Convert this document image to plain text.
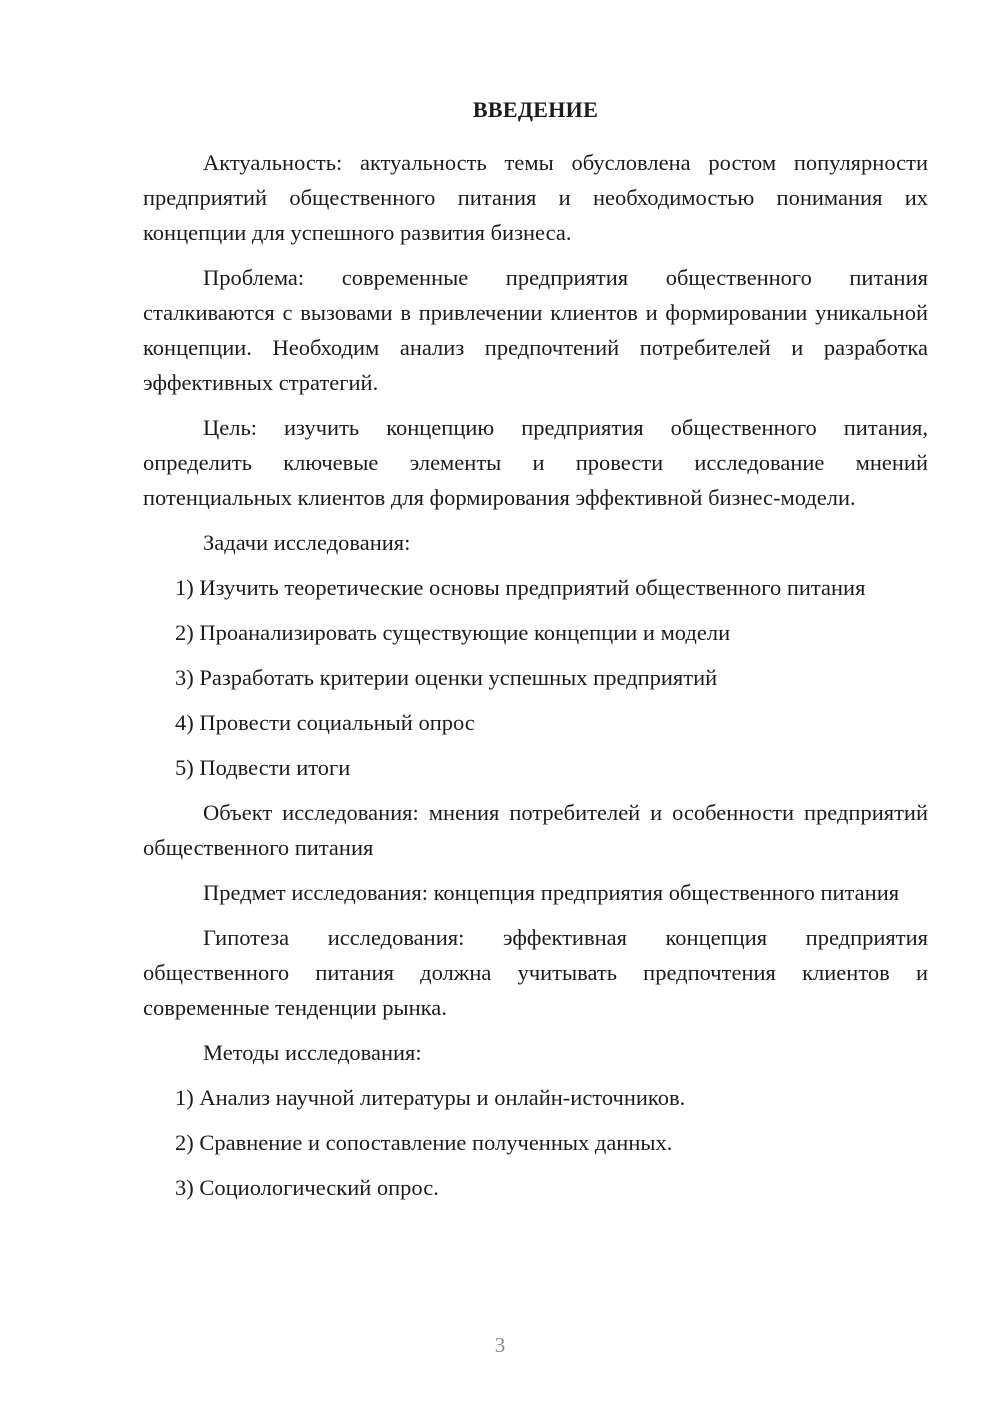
ВВЕДЕНИЕ

Актуальность: актуальность темы обусловлена ростом популярности предприятий общественного питания и необходимостью понимания их концепции для успешного развития бизнеса.

Проблема: современные предприятия общественного питания сталкиваются с вызовами в привлечении клиентов и формировании уникальной концепции. Необходим анализ предпочтений потребителей и разработка эффективных стратегий.

Цель: изучить концепцию предприятия общественного питания, определить ключевые элементы и провести исследование мнений потенциальных клиентов для формирования эффективной бизнес-модели.

Задачи исследования:

1) Изучить теоретические основы предприятий общественного питания

2) Проанализировать существующие концепции и модели

3) Разработать критерии оценки успешных предприятий

4) Провести социальный опрос

5) Подвести итоги

Объект исследования: мнения потребителей и особенности предприятий общественного питания

Предмет исследования: концепция предприятия общественного питания

Гипотеза исследования: эффективная концепция предприятия общественного питания должна учитывать предпочтения клиентов и современные тенденции рынка.

Методы исследования:

1) Анализ научной литературы и онлайн-источников.

2) Сравнение и сопоставление полученных данных.

3) Социологический опрос.

3
